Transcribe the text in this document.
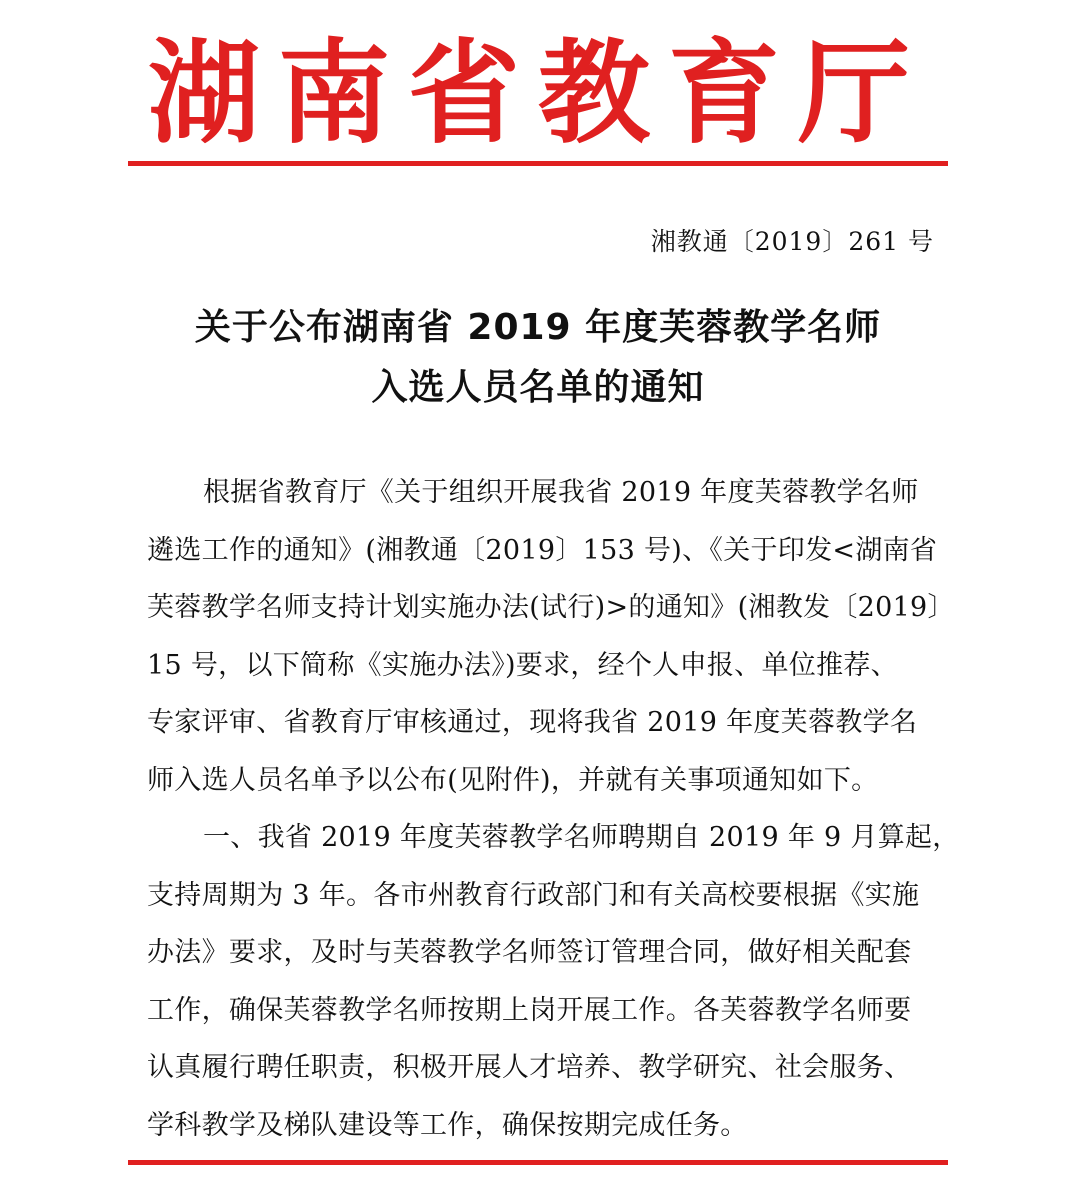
湖南省教育厅
湘教通〔2019〕261 号
关于公布湖南省 2019 年度芙蓉教学名师
入选人员名单的通知
根据省教育厅《关于组织开展我省 2019 年度芙蓉教学名师
遴选工作的通知》(湘教通〔2019〕153 号)、《关于印发<湖南省
芙蓉教学名师支持计划实施办法(试行)>的通知》(湘教发〔2019〕
15 号，以下简称《实施办法》)要求，经个人申报、单位推荐、
专家评审、省教育厅审核通过，现将我省 2019 年度芙蓉教学名
师入选人员名单予以公布(见附件)，并就有关事项通知如下。
一、我省 2019 年度芙蓉教学名师聘期自 2019 年 9 月算起，
支持周期为 3 年。各市州教育行政部门和有关高校要根据《实施
办法》要求，及时与芙蓉教学名师签订管理合同，做好相关配套
工作，确保芙蓉教学名师按期上岗开展工作。各芙蓉教学名师要
认真履行聘任职责，积极开展人才培养、教学研究、社会服务、
学科教学及梯队建设等工作，确保按期完成任务。
